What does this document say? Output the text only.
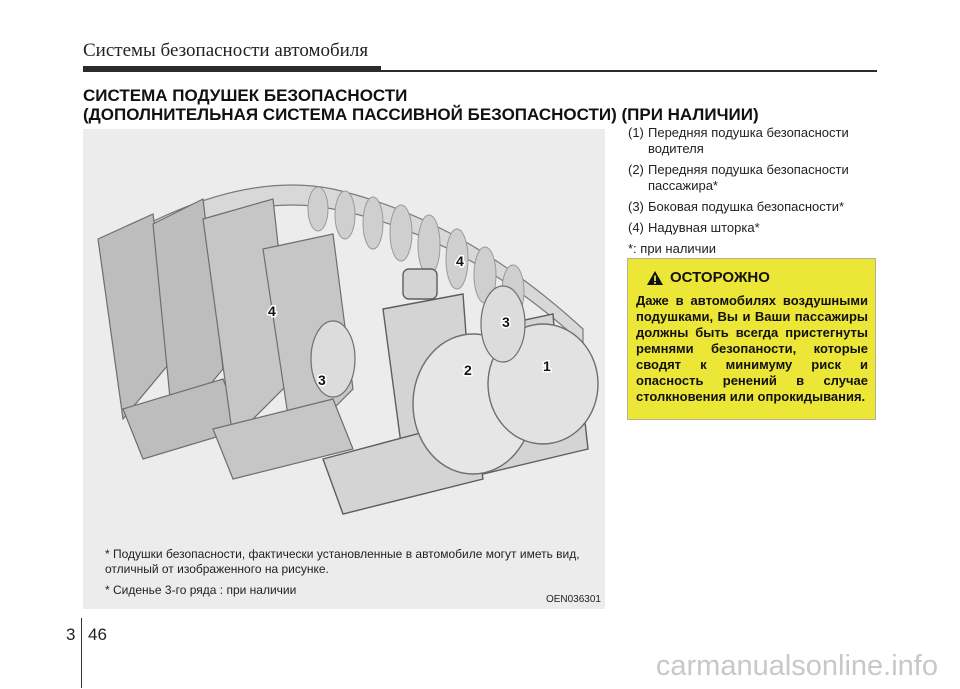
Системы безопасности автомобиля
СИСТЕМА ПОДУШЕК БЕЗОПАСНОСТИ
(ДОПОЛНИТЕЛЬНАЯ СИСТЕМА ПАССИВНОЙ БЕЗОПАСНОСТИ) (ПРИ НАЛИЧИИ)
4
4
3
3
2	1
* Подушки безопасности, фактически установленные в автомобиле могут иметь вид, отличный от изображенного на рисунке.
* Сиденье 3-го ряда : при наличии
OEN036301
(1) Передняя подушка безопасности водителя
(2) Передняя подушка безопасности пассажира*
(3) Боковая подушка безопасности*
(4) Надувная шторка*
*: при наличии
ОСТОРОЖНО
Даже в автомобилях воздушными подушками, Вы и Ваши пассажиры должны быть всегда пристегнуты ремнями безопаности, которые сводят к минимуму риск и опасность ренений в случае столкновения или опрокидывания.
3 46
carmanualsonline.info
